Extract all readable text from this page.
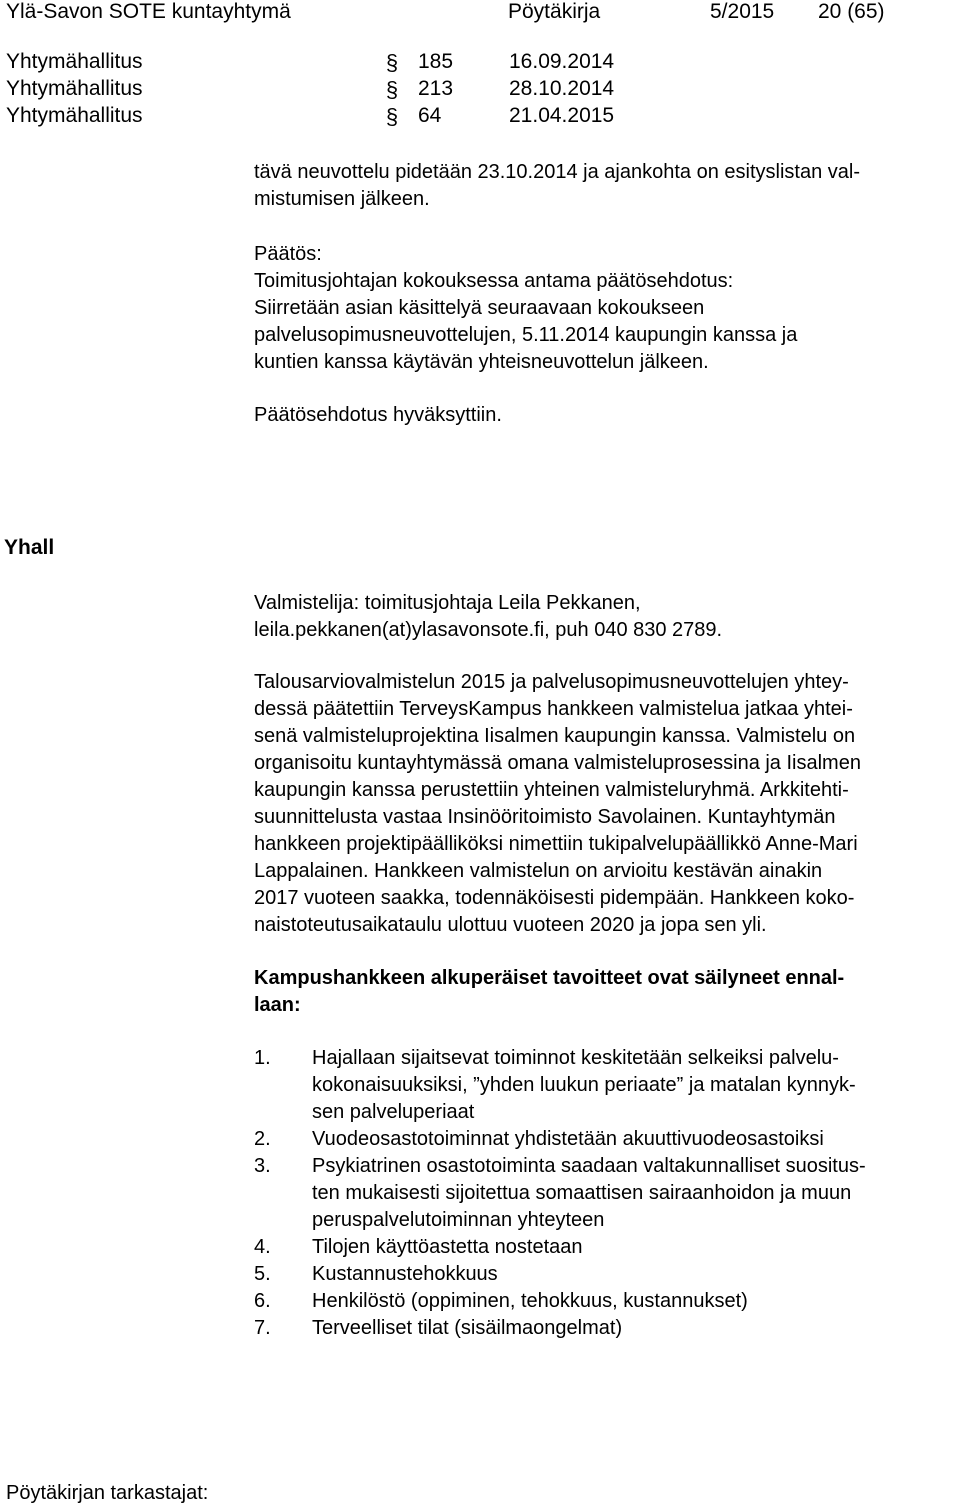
Ylä-Savon SOTE kuntayhtymä	Pöytäkirja	5/2015 20 (65)
Yhtymähallitus	§ 185	16.09.2014
Yhtymähallitus	§ 213	28.10.2014
Yhtymähallitus	§ 64	21.04.2015
tävä neuvottelu pidetään 23.10.2014 ja ajankohta on esityslistan val-
mistumisen jälkeen.
Päätös:
Toimitusjohtajan kokouksessa antama päätösehdotus:
Siirretään asian käsittelyä seuraavaan kokoukseen
palvelusopimusneuvottelujen, 5.11.2014 kaupungin kanssa ja
kuntien kanssa käytävän yhteisneuvottelun jälkeen.
Päätösehdotus hyväksyttiin.
Yhall
Valmistelija: toimitusjohtaja Leila Pekkanen,
leila.pekkanen(at)ylasavonsote.fi, puh 040 830 2789.
Talousarviovalmistelun 2015 ja palvelusopimusneuvottelujen yhtey-
dessä päätettiin TerveysKampus hankkeen valmistelua jatkaa yhtei-
senä valmisteluprojektina Iisalmen kaupungin kanssa. Valmistelu on
organisoitu kuntayhtymässä omana valmisteluprosessina ja Iisalmen
kaupungin kanssa perustettiin yhteinen valmisteluryhmä. Arkkitehti-
suunnittelusta vastaa Insinööritoimisto Savolainen. Kuntayhtymän
hankkeen projektipäälliköksi nimettiin tukipalvelupäällikkö Anne-Mari
Lappalainen. Hankkeen valmistelun on arvioitu kestävän ainakin
2017 vuoteen saakka, todennäköisesti pidempään. Hankkeen koko-
naistoteutusaikataulu ulottuu vuoteen 2020 ja jopa sen yli.
Kampushankkeen alkuperäiset tavoitteet ovat säilyneet ennal-
laan:
1. Hajallaan sijaitsevat toiminnot keskitetään selkeiksi palvelu-
kokonaisuuksiksi, ”yhden luukun periaate” ja matalan kynnyk-
sen palveluperiaat
2. Vuodeosastotoiminnat yhdistetään akuuttivuodeosastoiksi
3. Psykiatrinen osastotoiminta saadaan valtakunnalliset suositus-
ten mukaisesti sijoitettua somaattisen sairaanhoidon ja muun
peruspalvelutoiminnan yhteyteen
4. Tilojen käyttöastetta nostetaan
5. Kustannustehokkuus
6. Henkilöstö (oppiminen, tehokkuus, kustannukset)
7. Terveelliset tilat (sisäilmaongelmat)
Pöytäkirjan tarkastajat:
